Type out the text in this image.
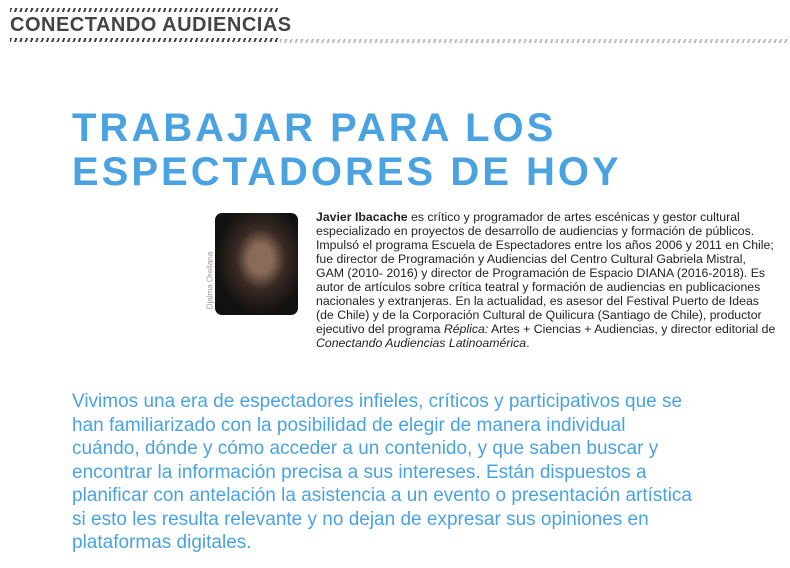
CONECTANDO AUDIENCIAS
TRABAJAR PARA LOS
ESPECTADORES DE HOY
Djalma Orellana

Javier Ibacache es crítico y programador de artes escénicas y gestor cultural especializado en proyectos de desarrollo de audiencias y formación de públicos. Impulsó el programa Escuela de Espectadores entre los años 2006 y 2011 en Chile; fue director de Programación y Audiencias del Centro Cultural Gabriela Mistral, GAM (2010- 2016) y director de Programación de Espacio DIANA (2016-2018). Es autor de artículos sobre crítica teatral y formación de audiencias en publicaciones nacionales y extranjeras. En la actualidad, es asesor del Festival Puerto de Ideas (de Chile) y de la Corporación Cultural de Quilicura (Santiago de Chile), productor ejecutivo del programa Réplica: Artes + Ciencias + Audiencias, y director editorial de Conectando Audiencias Latinoamérica.

Vivimos una era de espectadores infieles, críticos y participativos que se han familiarizado con la posibilidad de elegir de manera individual cuándo, dónde y cómo acceder a un contenido, y que saben buscar y encontrar la información precisa a sus intereses. Están dispuestos a planificar con antelación la asistencia a un evento o presentación artística si esto les resulta relevante y no dejan de expresar sus opiniones en plataformas digitales.
